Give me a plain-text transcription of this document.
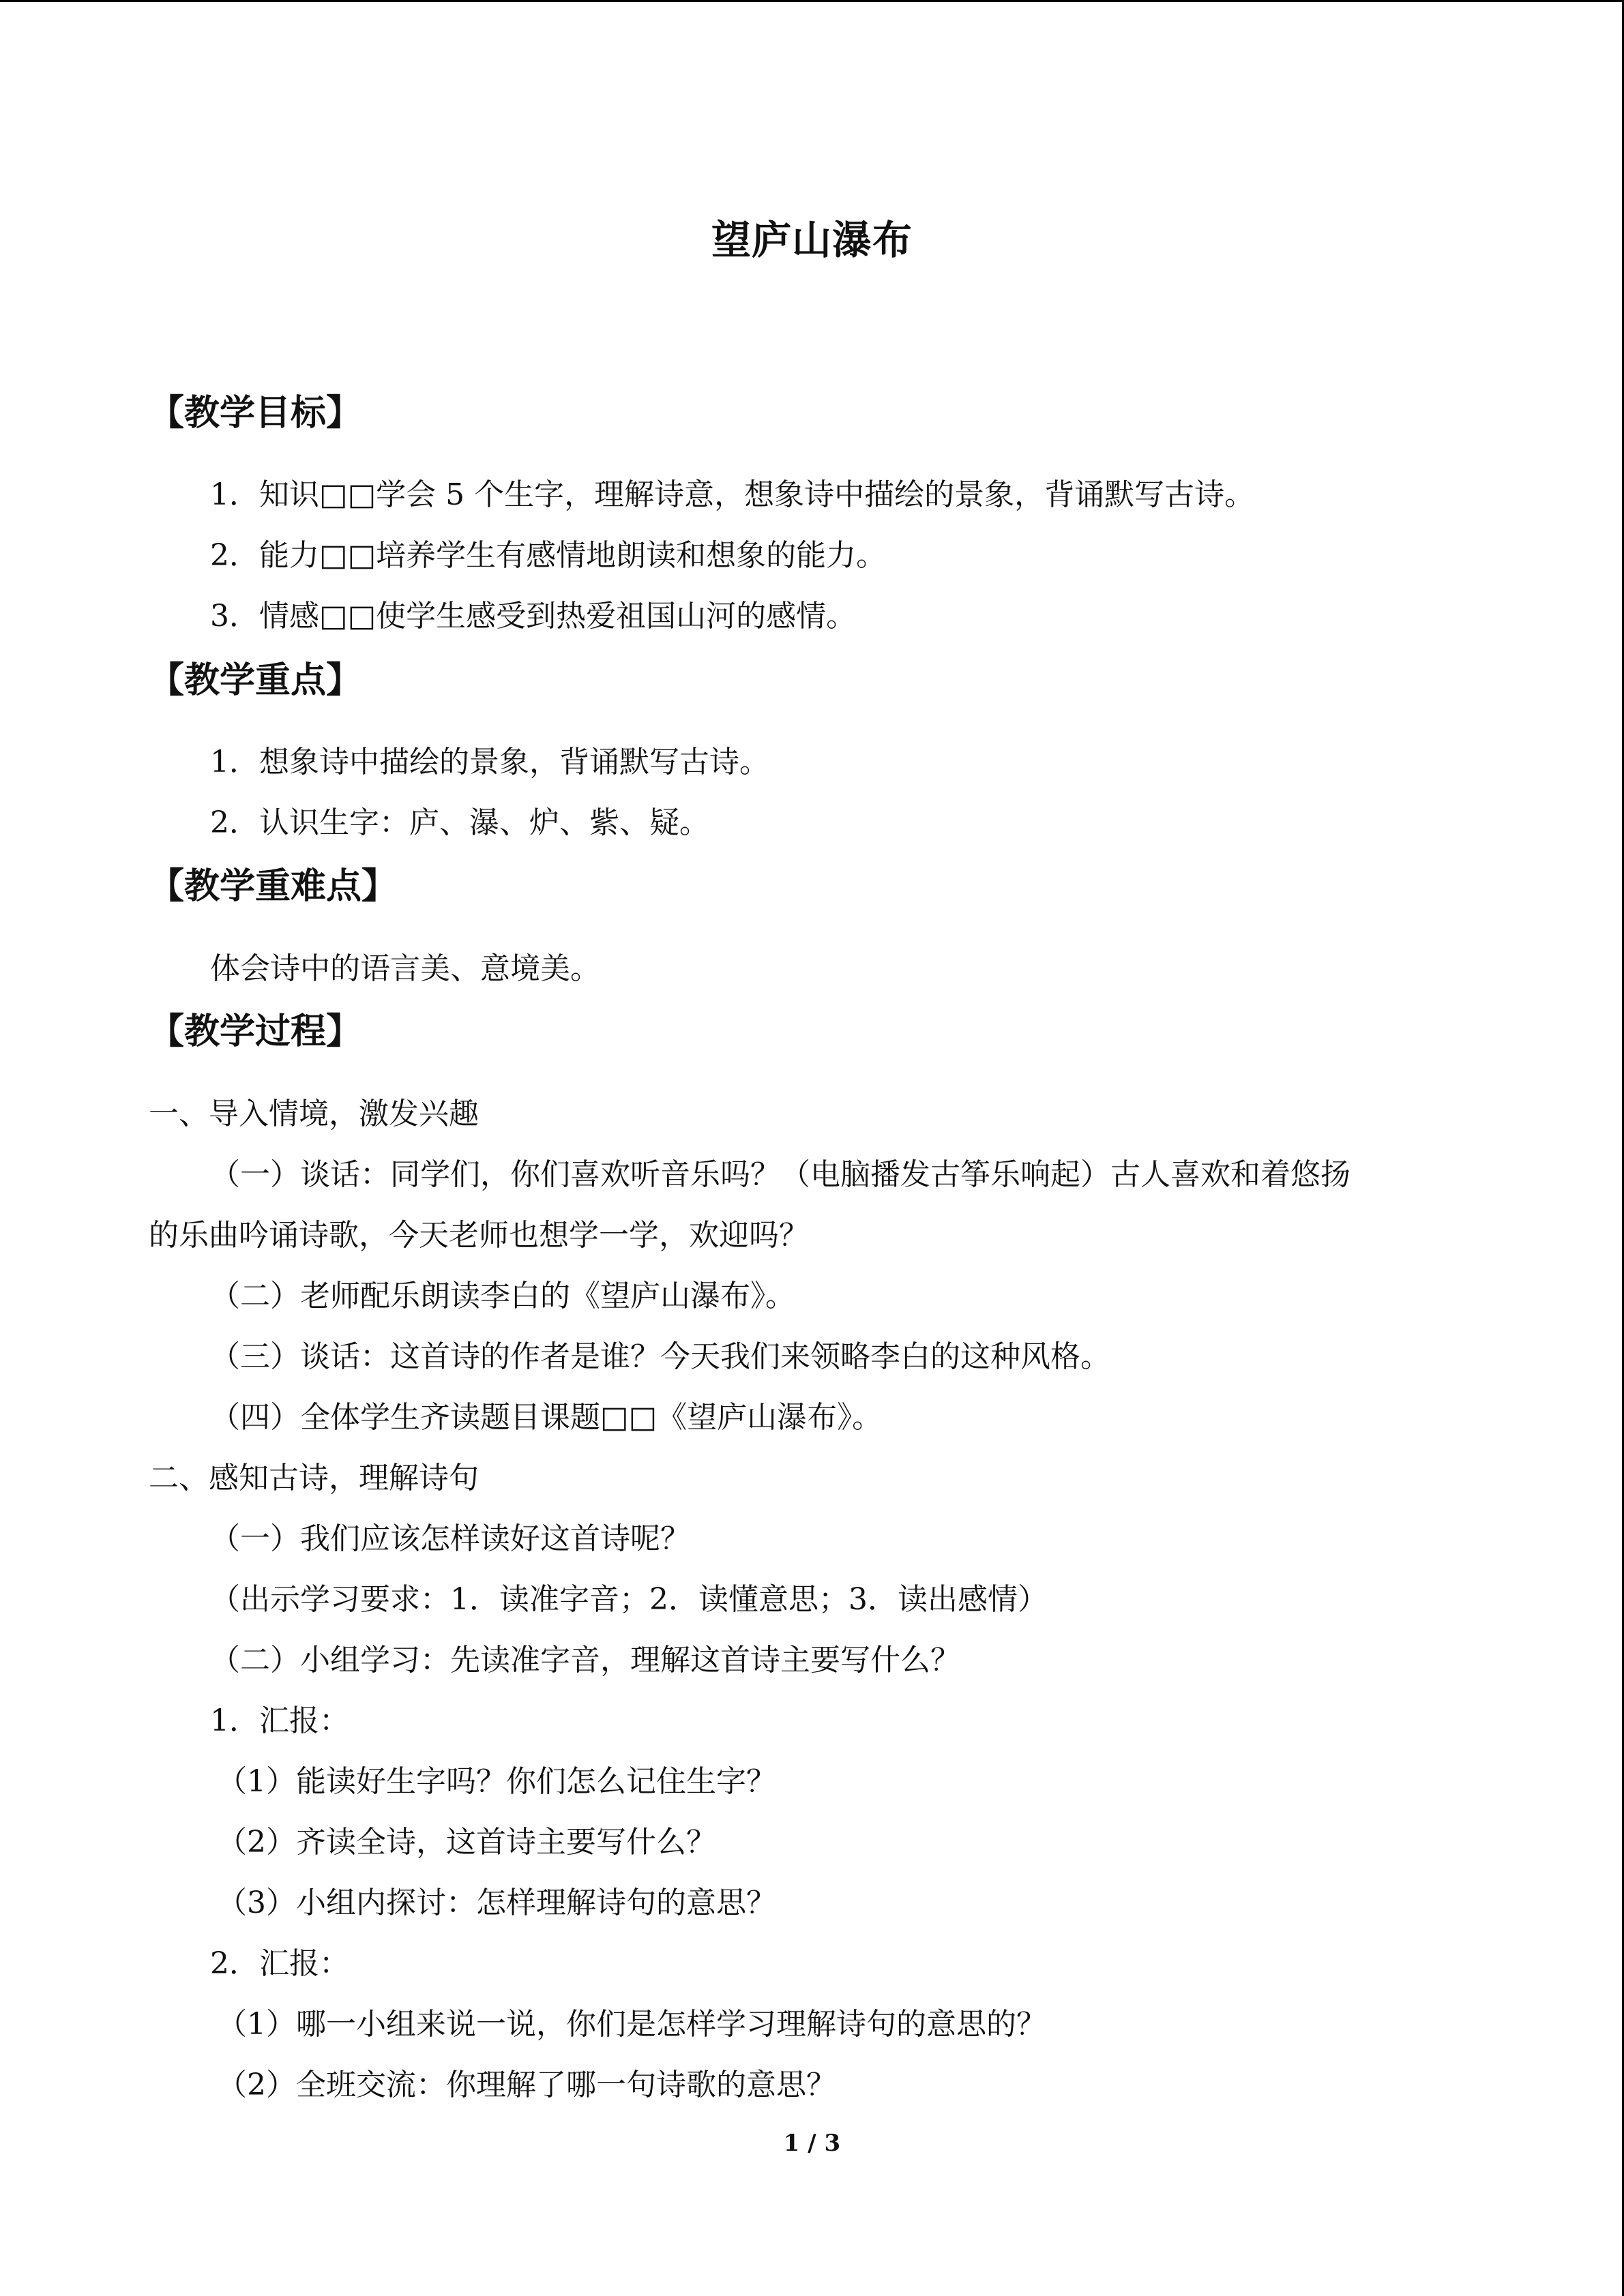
望庐山瀑布
【教学目标】
1．知识□□学会 5 个生字，理解诗意，想象诗中描绘的景象，背诵默写古诗。
2．能力□□培养学生有感情地朗读和想象的能力。
3．情感□□使学生感受到热爱祖国山河的感情。
【教学重点】
1．想象诗中描绘的景象，背诵默写古诗。
2．认识生字：庐、瀑、炉、紫、疑。
【教学重难点】
体会诗中的语言美、意境美。
【教学过程】
一、导入情境，激发兴趣
（一）谈话：同学们，你们喜欢听音乐吗？（电脑播发古筝乐响起）古人喜欢和着悠扬
的乐曲吟诵诗歌，今天老师也想学一学，欢迎吗？
（二）老师配乐朗读李白的《望庐山瀑布》。
（三）谈话：这首诗的作者是谁？今天我们来领略李白的这种风格。
（四）全体学生齐读题目课题□□《望庐山瀑布》。
二、感知古诗，理解诗句
（一）我们应该怎样读好这首诗呢？
（出示学习要求：1．读准字音；2．读懂意思；3．读出感情）
（二）小组学习：先读准字音，理解这首诗主要写什么？
1．汇报：
（1）能读好生字吗？你们怎么记住生字？
（2）齐读全诗，这首诗主要写什么？
（3）小组内探讨：怎样理解诗句的意思？
2．汇报：
（1）哪一小组来说一说，你们是怎样学习理解诗句的意思的？
（2）全班交流：你理解了哪一句诗歌的意思？
1 / 3
